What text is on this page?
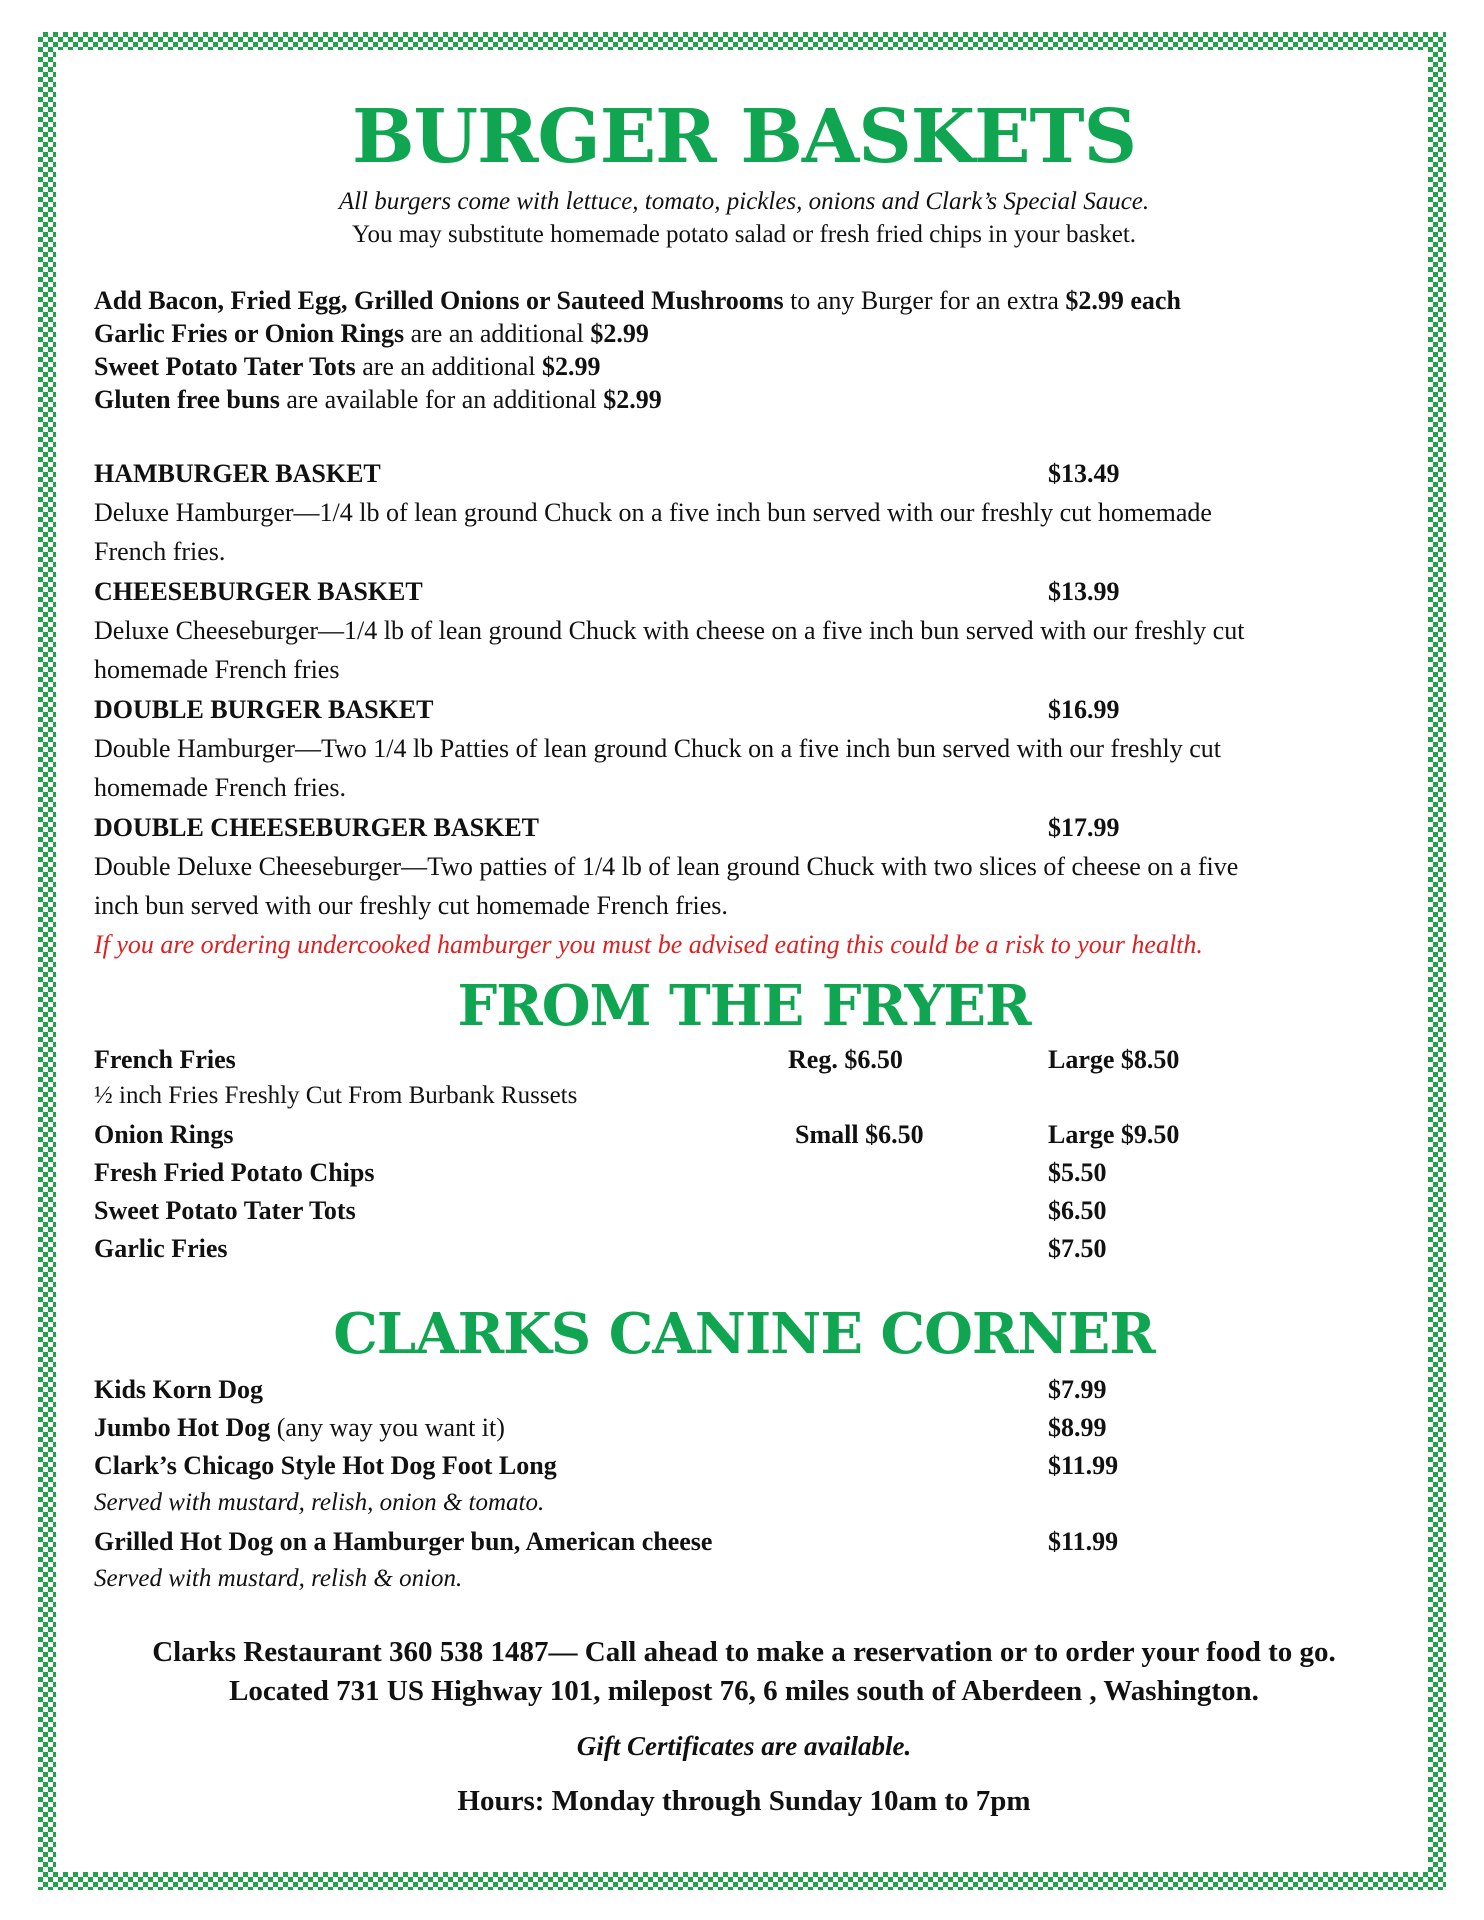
BURGER BASKETS
All burgers come with lettuce, tomato, pickles, onions and Clark’s Special Sauce.
You may substitute homemade potato salad or fresh fried chips in your basket.
Add Bacon, Fried Egg, Grilled Onions or Sauteed Mushrooms to any Burger for an extra $2.99 each
Garlic Fries or Onion Rings are an additional $2.99
Sweet Potato Tater Tots are an additional $2.99
Gluten free buns are available for an additional $2.99
HAMBURGER BASKET	$13.49
Deluxe Hamburger—1/4 lb of lean ground Chuck on a five inch bun served with our freshly cut homemade
French fries.
CHEESEBURGER BASKET	$13.99
Deluxe Cheeseburger—1/4 lb of lean ground Chuck with cheese on a five inch bun served with our freshly cut
homemade French fries
DOUBLE BURGER BASKET	$16.99
Double Hamburger—Two 1/4 lb Patties of lean ground Chuck on a five inch bun served with our freshly cut
homemade French fries.
DOUBLE CHEESEBURGER BASKET	$17.99
Double Deluxe Cheeseburger—Two patties of 1/4 lb of lean ground Chuck with two slices of cheese on a five
inch bun served with our freshly cut homemade French fries.
If you are ordering undercooked hamburger you must be advised eating this could be a risk to your health.
FROM THE FRYER
French Fries	Reg. $6.50	Large $8.50
½ inch Fries Freshly Cut From Burbank Russets
Onion Rings	Small $6.50	Large $9.50
Fresh Fried Potato Chips	$5.50
Sweet Potato Tater Tots	$6.50
Garlic Fries	$7.50
CLARKS CANINE CORNER
Kids Korn Dog	$7.99
Jumbo Hot Dog (any way you want it)	$8.99
Clark’s Chicago Style Hot Dog Foot Long	$11.99
Served with mustard, relish, onion & tomato.
Grilled Hot Dog on a Hamburger bun, American cheese	$11.99
Served with mustard, relish & onion.
Clarks Restaurant 360 538 1487— Call ahead to make a reservation or to order your food to go.
Located 731 US Highway 101, milepost 76, 6 miles south of Aberdeen , Washington.
Gift Certificates are available.
Hours: Monday through Sunday 10am to 7pm
